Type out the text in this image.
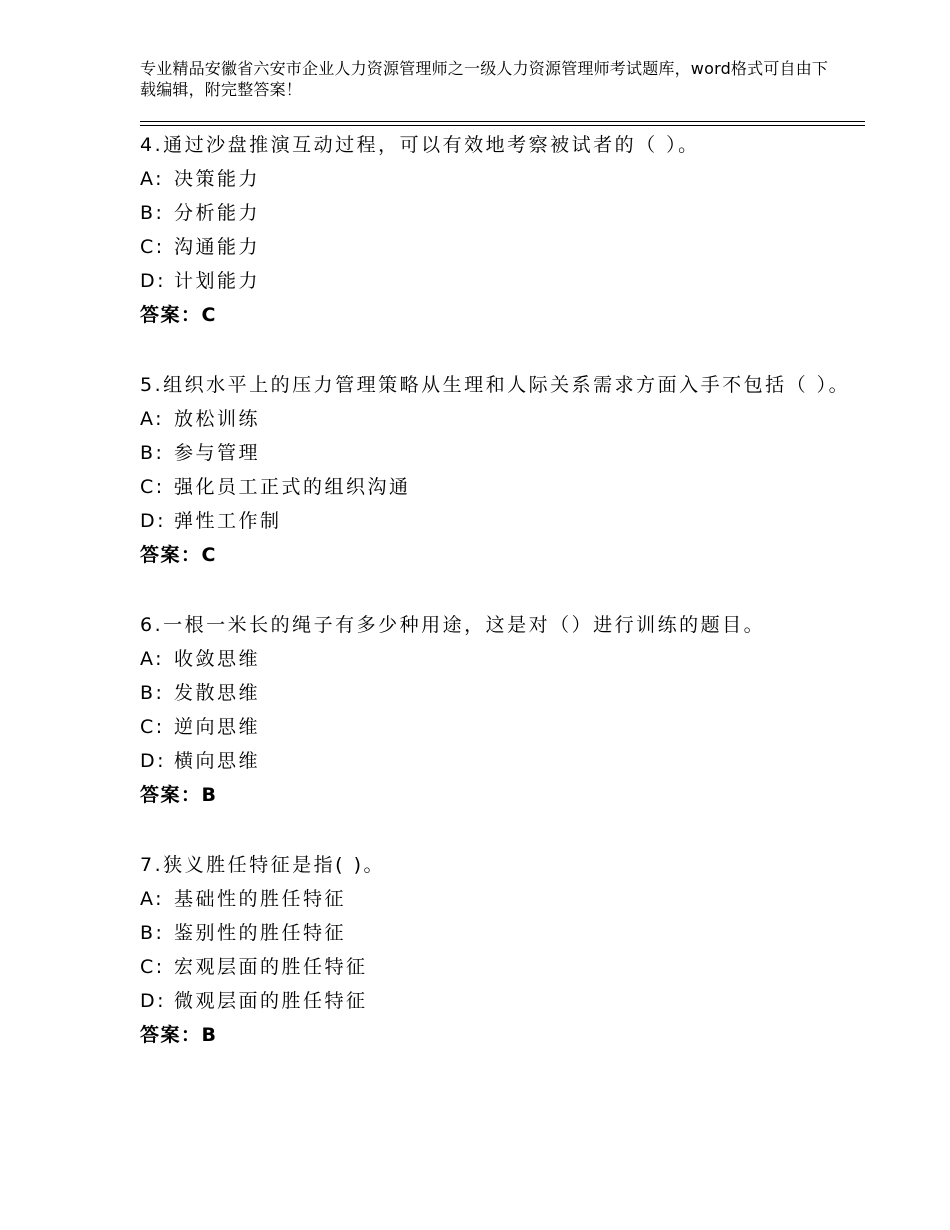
专业精品安徽省六安市企业人力资源管理师之一级人力资源管理师考试题库，word格式可自由下载编辑，附完整答案！
4.通过沙盘推演互动过程，可以有效地考察被试者的（ ）。
A: 决策能力
B: 分析能力
C: 沟通能力
D: 计划能力
答案：C
5.组织水平上的压力管理策略从生理和人际关系需求方面入手不包括（ ）。
A: 放松训练
B: 参与管理
C: 强化员工正式的组织沟通
D: 弹性工作制
答案：C
6.一根一米长的绳子有多少种用途，这是对（）进行训练的题目。
A: 收敛思维
B: 发散思维
C: 逆向思维
D: 横向思维
答案：B
7.狭义胜任特征是指( )。
A: 基础性的胜任特征
B: 鉴别性的胜任特征
C: 宏观层面的胜任特征
D: 微观层面的胜任特征
答案：B
